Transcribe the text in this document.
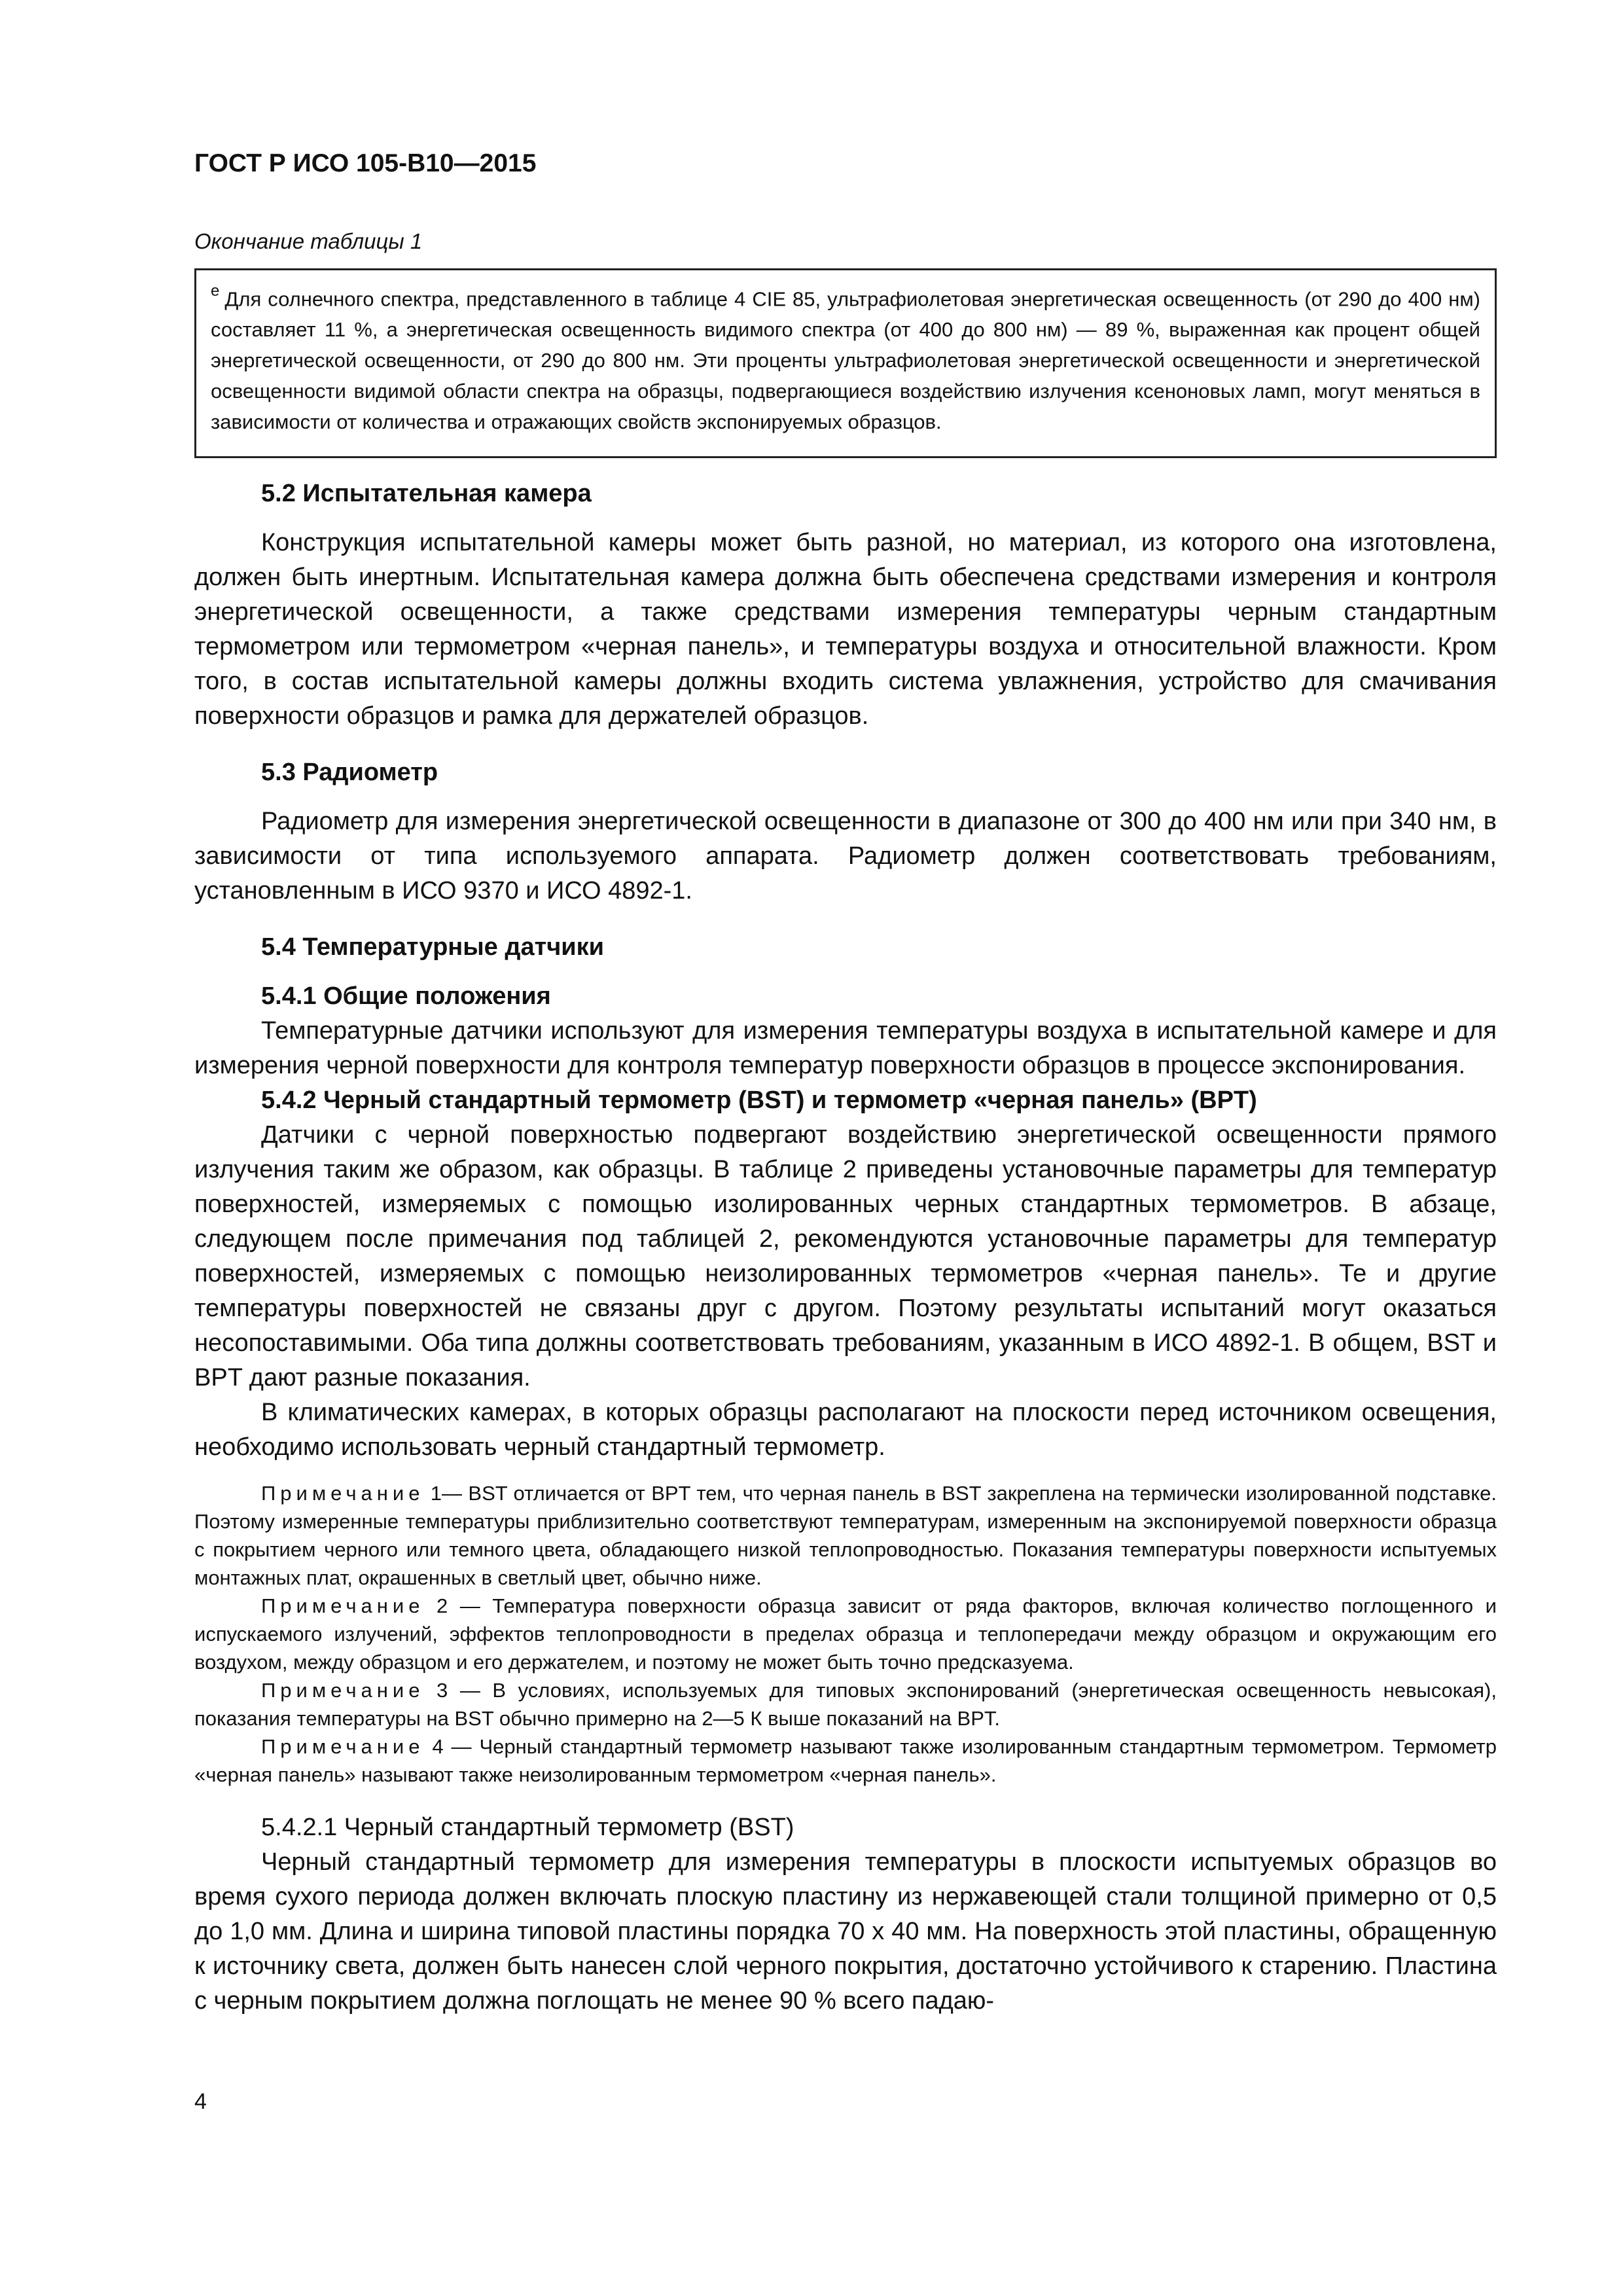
ГОСТ Р ИСО 105-В10—2015
Окончание таблицы 1
$^e$ Для солнечного спектра, представленного в таблице 4 CIE 85, ультрафиолетовая энергетическая освещенность (от 290 до 400 нм) составляет 11 %, а энергетическая освещенность видимого спектра (от 400 до 800 нм) — 89 %, выраженная как процент общей энергетической освещенности, от 290 до 800 нм. Эти проценты ультрафиолетовая энергетической освещенности и энергетической освещенности видимой области спектра на образцы, подвергающиеся воздействию излучения ксеноновых ламп, могут меняться в зависимости от количества и отражающих свойств экспонируемых образцов.
5.2 Испытательная камера

Конструкция испытательной камеры может быть разной, но материал, из которого она изготовлена, должен быть инертным. Испытательная камера должна быть обеспечена средствами измерения и контроля энергетической освещенности, а также средствами измерения температуры черным стандартным термометром или термометром «черная панель», и температуры воздуха и относительной влажности. Кром того, в состав испытательной камеры должны входить система увлажнения, устройство для смачивания поверхности образцов и рамка для держателей образцов.

5.3 Радиометр

Радиометр для измерения энергетической освещенности в диапазоне от 300 до 400 нм или при 340 нм, в зависимости от типа используемого аппарата. Радиометр должен соответствовать требованиям, установленным в ИСО 9370 и ИСО 4892-1.

5.4 Температурные датчики
5.4.1 Общие положения

Температурные датчики используют для измерения температуры воздуха в испытательной камере и для измерения черной поверхности для контроля температур поверхности образцов в процессе экспонирования.

5.4.2 Черный стандартный термометр (BST) и термометр «черная панель» (BPT)

Датчики с черной поверхностью подвергают воздействию энергетической освещенности прямого излучения таким же образом, как образцы. В таблице 2 приведены установочные параметры для температур поверхностей, измеряемых с помощью изолированных черных стандартных термометров. В абзаце, следующем после примечания под таблицей 2, рекомендуются установочные параметры для температур поверхностей, измеряемых с помощью неизолированных термометров «черная панель». Те и другие температуры поверхностей не связаны друг с другом. Поэтому результаты испытаний могут оказаться несопоставимыми. Оба типа должны соответствовать требованиям, указанным в ИСО 4892-1. В общем, BST и BPT дают разные показания.

В климатических камерах, в которых образцы располагают на плоскости перед источником освещения, необходимо использовать черный стандартный термометр.

Примечание 1— BST отличается от BPT тем, что черная панель в BST закреплена на термически изолированной подставке. Поэтому измеренные температуры приблизительно соответствуют температурам, измеренным на экспонируемой поверхности образца с покрытием черного или темного цвета, обладающего низкой теплопроводностью. Показания температуры поверхности испытуемых монтажных плат, окрашенных в светлый цвет, обычно ниже.

Примечание 2 — Температура поверхности образца зависит от ряда факторов, включая количество поглощенного и испускаемого излучений, эффектов теплопроводности в пределах образца и теплопередачи между образцом и окружающим его воздухом, между образцом и его держателем, и поэтому не может быть точно предсказуема.

Примечание 3 — В условиях, используемых для типовых экспонирований (энергетическая освещенность невысокая), показания температуры на BST обычно примерно на 2—5 К выше показаний на BPT.

Примечание 4 — Черный стандартный термометр называют также изолированным стандартным термометром. Термометр «черная панель» называют также неизолированным термометром «черная панель».

5.4.2.1 Черный стандартный термометр (BST)

Черный стандартный термометр для измерения температуры в плоскости испытуемых образцов во время сухого периода должен включать плоскую пластину из нержавеющей стали толщиной примерно от 0,5 до 1,0 мм. Длина и ширина типовой пластины порядка 70 х 40 мм. На поверхность этой пластины, обращенную к источнику света, должен быть нанесен слой черного покрытия, достаточно устойчивого к старению. Пластина с черным покрытием должна поглощать не менее 90 % всего падаю-

4
